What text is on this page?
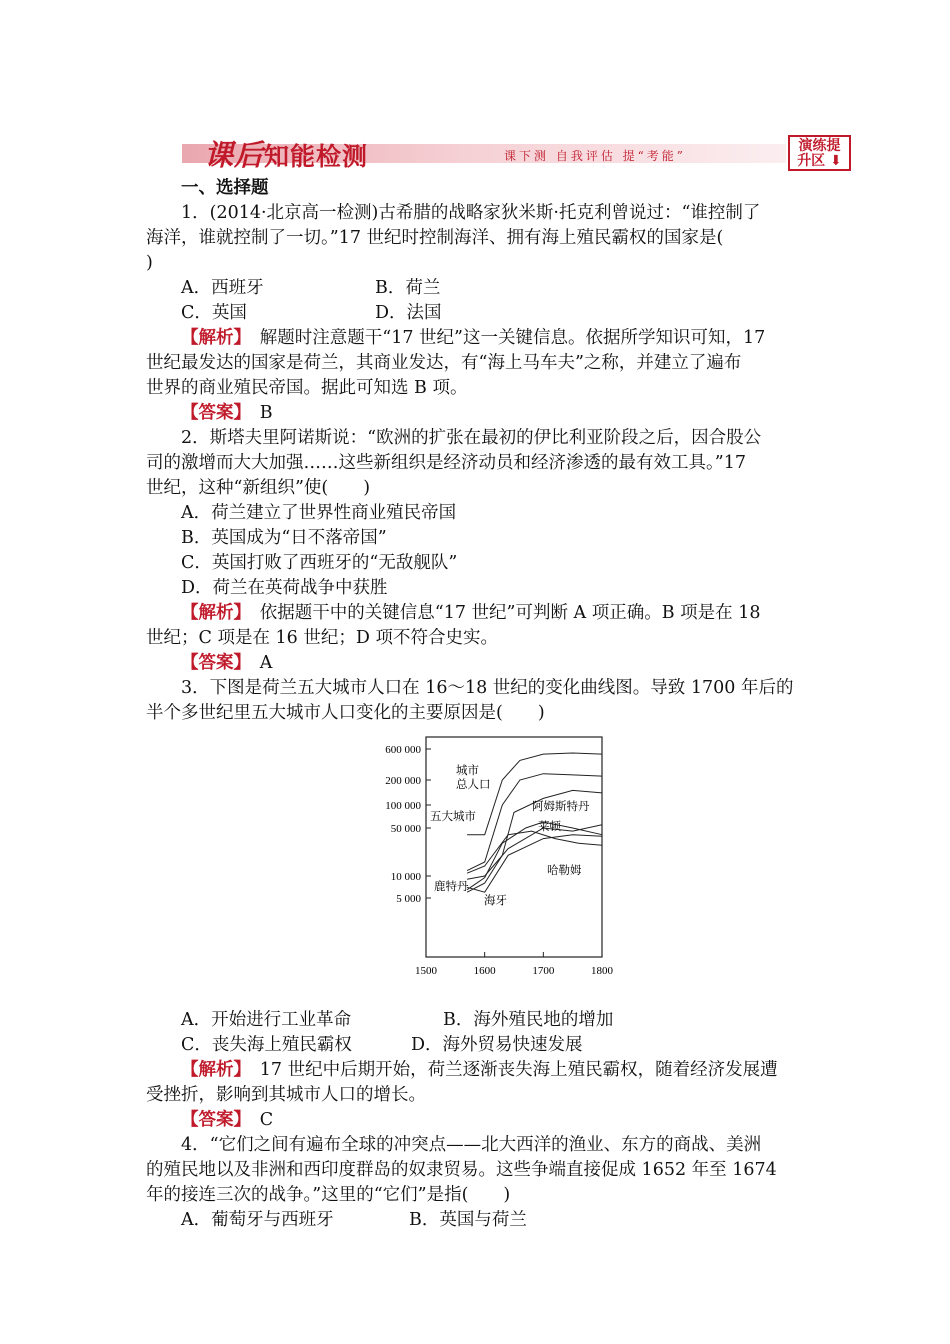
课后知能检测	课下测 自我评估 提“考能”
演练提
升区 ⬇
一、选择题
1．(2014·北京高一检测)古希腊的战略家狄米斯·托克利曾说过：“谁控制了
海洋，谁就控制了一切。”17 世纪时控制海洋、拥有海上殖民霸权的国家是(
)
A．西班牙	B．荷兰
C．英国	D．法国
【解析】　 解题时注意题干“17 世纪”这一关键信息。依据所学知识可知，17
世纪最发达的国家是荷兰，其商业发达，有“海上马车夫”之称，并建立了遍布
世界的商业殖民帝国。据此可知选 B 项。
【答案】　 B
2．斯塔夫里阿诺斯说：“欧洲的扩张在最初的伊比利亚阶段之后，因合股公
司的激增而大大加强……这些新组织是经济动员和经济渗透的最有效工具。”17
世纪，这种“新组织”使(　　)
A．荷兰建立了世界性商业殖民帝国
B．英国成为“日不落帝国”
C．英国打败了西班牙的“无敌舰队”
D．荷兰在英荷战争中获胜
【解析】　 依据题干中的关键信息“17 世纪”可判断 A 项正确。B 项是在 18
世纪；C 项是在 16 世纪；D 项不符合史实。
【答案】　 A
3．下图是荷兰五大城市人口在 16～18 世纪的变化曲线图。导致 1700 年后的
半个多世纪里五大城市人口变化的主要原因是(　　)
600 000
200 000
100 000
50 000
10 000
5 000
1500	1600	1700	1800
城市
总人口
五大城市
阿姆斯特丹
莱顿
哈勒姆
鹿特丹
海牙
A．开始进行工业革命	B．海外殖民地的增加
C．丧失海上殖民霸权	D．海外贸易快速发展
【解析】　 17 世纪中后期开始，荷兰逐渐丧失海上殖民霸权，随着经济发展遭
受挫折，影响到其城市人口的增长。
【答案】　 C
4．“它们之间有遍布全球的冲突点——北大西洋的渔业、东方的商战、美洲
的殖民地以及非洲和西印度群岛的奴隶贸易。这些争端直接促成 1652 年至 1674
年的接连三次的战争。”这里的“它们”是指(　　)
A．葡萄牙与西班牙	B．英国与荷兰
